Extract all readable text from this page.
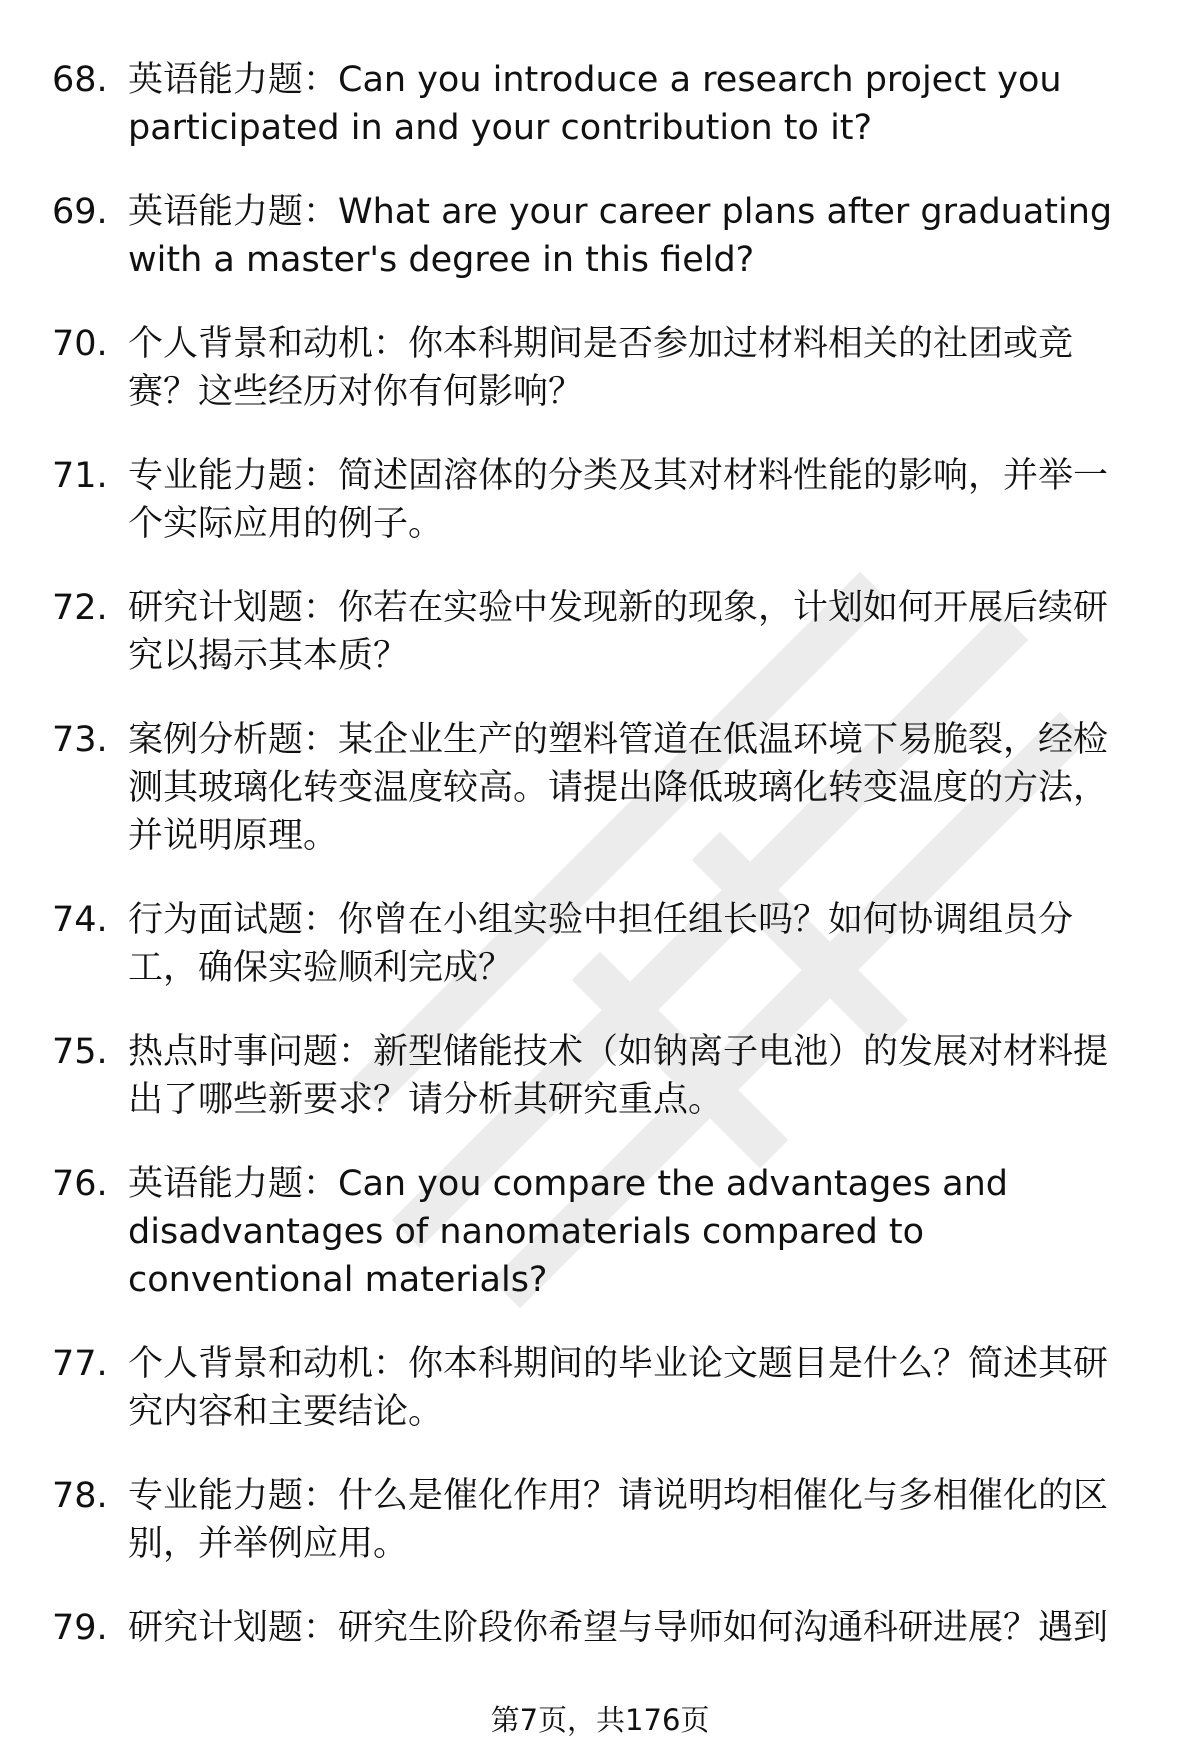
68. 英语能力题：Can you introduce a research project you participated in and your contribution to it?
69. 英语能力题：What are your career plans after graduating with a master's degree in this field?
70. 个人背景和动机：你本科期间是否参加过材料相关的社团或竞赛？这些经历对你有何影响？
71. 专业能力题：简述固溶体的分类及其对材料性能的影响，并举一个实际应用的例子。
72. 研究计划题：你若在实验中发现新的现象，计划如何开展后续研究以揭示其本质？
73. 案例分析题：某企业生产的塑料管道在低温环境下易脆裂，经检测其玻璃化转变温度较高。请提出降低玻璃化转变温度的方法，并说明原理。
74. 行为面试题：你曾在小组实验中担任组长吗？如何协调组员分工，确保实验顺利完成？
75. 热点时事问题：新型储能技术（如钠离子电池）的发展对材料提出了哪些新要求？请分析其研究重点。
76. 英语能力题：Can you compare the advantages and disadvantages of nanomaterials compared to conventional materials?
77. 个人背景和动机：你本科期间的毕业论文题目是什么？简述其研究内容和主要结论。
78. 专业能力题：什么是催化作用？请说明均相催化与多相催化的区别，并举例应用。
79. 研究计划题：研究生阶段你希望与导师如何沟通科研进展？遇到
第7页，共176页
